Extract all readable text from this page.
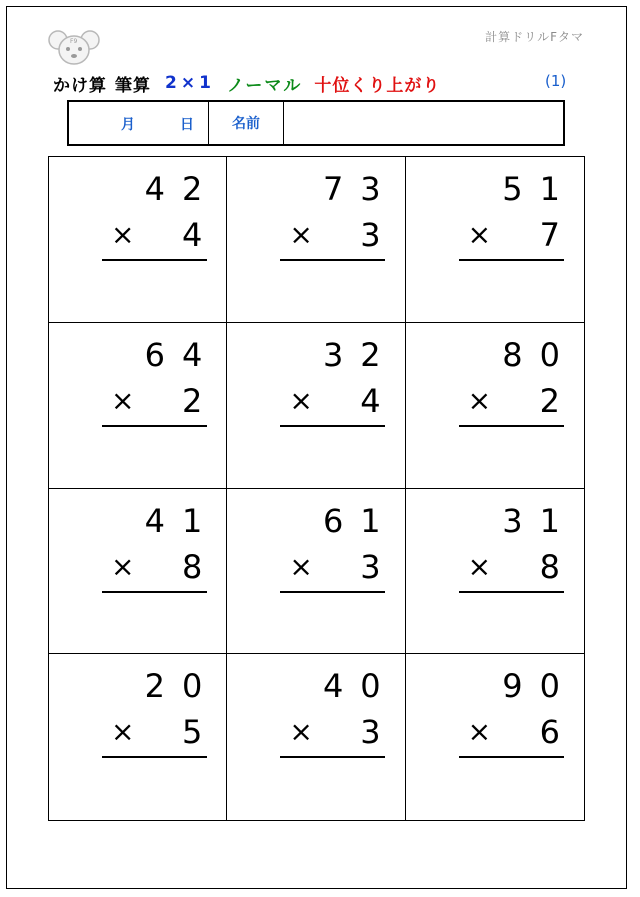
F9	計算ドリルFタマ
かけ算 筆算 2×1 ノーマル 十位くり上がり	(1)
月	日	名前
42
× 4
73
× 3
51
× 7
64
× 2
32
× 4
80
× 2
41
× 8
61
× 3
31
× 8
20
× 5
40
× 3
90
× 6
